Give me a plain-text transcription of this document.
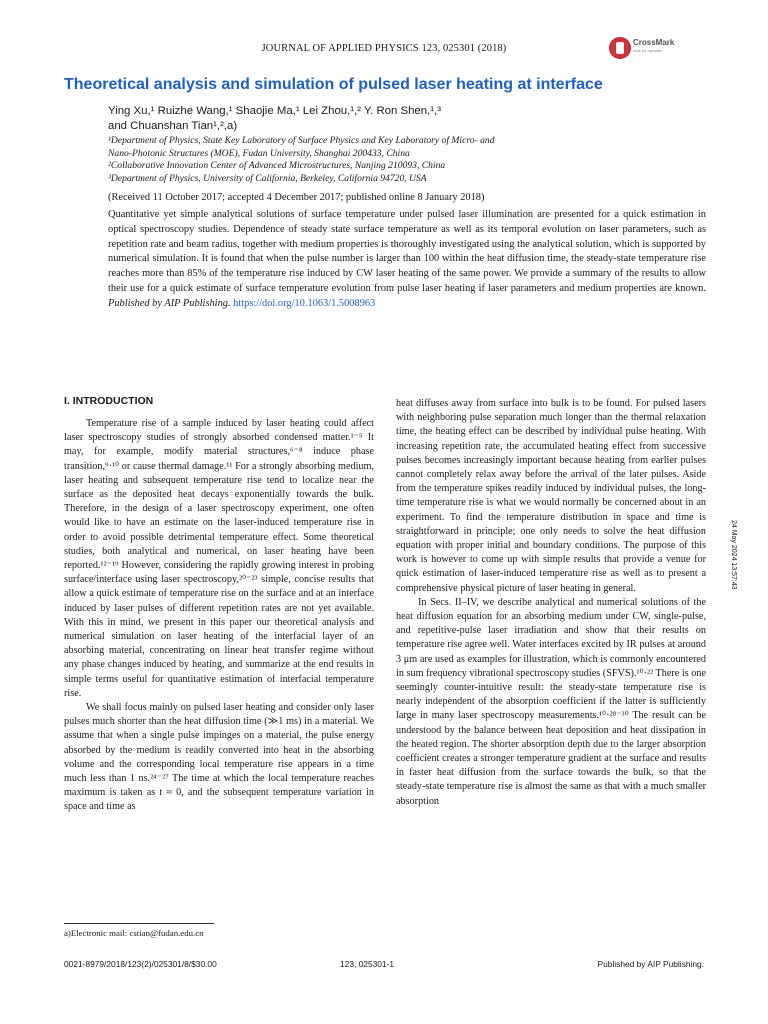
JOURNAL OF APPLIED PHYSICS 123, 025301 (2018)
CrossMark
click for updates
Theoretical analysis and simulation of pulsed laser heating at interface
Ying Xu,¹ Ruizhe Wang,¹ Shaojie Ma,¹ Lei Zhou,¹,² Y. Ron Shen,¹,³
and Chuanshan Tian¹,²,a)
¹Department of Physics, State Key Laboratory of Surface Physics and Key Laboratory of Micro- and
Nano-Photonic Structures (MOE), Fudan University, Shanghai 200433, China
²Collaborative Innovation Center of Advanced Microstructures, Nanjing 210093, China
³Department of Physics, University of California, Berkeley, California 94720, USA
(Received 11 October 2017; accepted 4 December 2017; published online 8 January 2018)
Quantitative yet simple analytical solutions of surface temperature under pulsed laser illumination are presented for a quick estimation in optical spectroscopy studies. Dependence of steady state surface temperature as well as its temporal evolution on laser parameters, such as repetition rate and beam radius, together with medium properties is thoroughly investigated using the analytical solution, which is supported by numerical simulation. It is found that when the pulse number is larger than 100 within the heat diffusion time, the steady-state temperature rise reaches more than 85% of the temperature rise induced by CW laser heating of the same power. We provide a summary of the results to allow their use for a quick estimate of surface temperature evolution from pulse laser heating if laser parameters and medium properties are known. Published by AIP Publishing. https://doi.org/10.1063/1.5008963
I. INTRODUCTION

Temperature rise of a sample induced by laser heating could affect laser spectroscopy studies of strongly absorbed condensed matter.¹⁻⁵ It may, for example, modify material structures,⁶⁻⁸ induce phase transition,⁹·¹⁰ or cause thermal damage.¹¹ For a strongly absorbing medium, laser heating and subsequent temperature rise tend to localize near the surface as the deposited heat decays exponentially towards the bulk. Therefore, in the design of a laser spectroscopy experiment, one often would like to have an estimate on the laser-induced temperature rise in order to avoid possible detrimental temperature effect. Some theoretical studies, both analytical and numerical, on laser heating have been reported.¹²⁻¹⁹ However, considering the rapidly growing interest in probing surface/interface using laser spectroscopy,²⁰⁻²³ simple, concise results that allow a quick estimate of temperature rise on the surface and at an interface induced by laser pulses of different repetition rates are not yet available. With this in mind, we present in this paper our theoretical analysis and numerical simulation on laser heating of the interfacial layer of an absorbing material, concentrating on linear heat transfer regime without any phase changes induced by heating, and summarize at the end results in simple terms useful for quantitative estimation of interfacial temperature rise.

We shall focus mainly on pulsed laser heating and consider only laser pulses much shorter than the heat diffusion time (≫1 ms) in a material. We assume that when a single pulse impinges on a material, the pulse energy absorbed by the medium is readily converted into heat in the absorbing volume and the corresponding local temperature rise appears in a time much less than 1 ns.²⁴⁻²⁷ The time at which the local temperature reaches maximum is taken as t ≈ 0, and the subsequent temperature variation in space and time as

heat diffuses away from surface into bulk is to be found. For pulsed lasers with neighboring pulse separation much longer than the thermal relaxation time, the heating effect can be described by individual pulse heating. With increasing repetition rate, the accumulated heating effect from successive pulses becomes increasingly important because heating from earlier pulses cannot completely relax away before the arrival of the later pulses. Aside from the temperature spikes readily induced by individual pulses, the long-time temperature rise is what we would normally be concerned about in an experiment. To find the temperature distribution in space and time is straightforward in principle; one only needs to solve the heat diffusion equation with proper initial and boundary conditions. The purpose of this work is however to come up with simple results that provide a venue for quick estimation of laser-induced temperature rise as well as to present a comprehensive physical picture of laser heating in general.

In Secs. II–IV, we describe analytical and numerical solutions of the heat diffusion equation for an absorbing medium under CW, single-pulse, and repetitive-pulse laser irradiation and show that their results on temperature rise agree well. Water interfaces excited by IR pulses at around 3 μm are used as examples for illustration, which is commonly encountered in sum frequency vibrational spectroscopy studies (SFVS).¹⁰·²² There is one seemingly counter-intuitive result: the steady-state temperature rise is nearly independent of the absorption coefficient if the latter is sufficiently large in many laser spectroscopy measurements.¹⁰·²⁸⁻³⁰ The result can be understood by the balance between heat deposition and heat dissipation in the heated region. The shorter absorption depth due to the larger absorption coefficient creates a stronger temperature gradient at the surface and results in faster heat diffusion from the surface towards the bulk, so that the steady-state temperature rise is almost the same as that with a much smaller absorption

a)Electronic mail: cstian@fudan.edu.cn
0021-8979/2018/123(2)/025301/8/$30.00	123, 025301-1	Published by AIP Publishing.
24 May 2024 13:57:43
